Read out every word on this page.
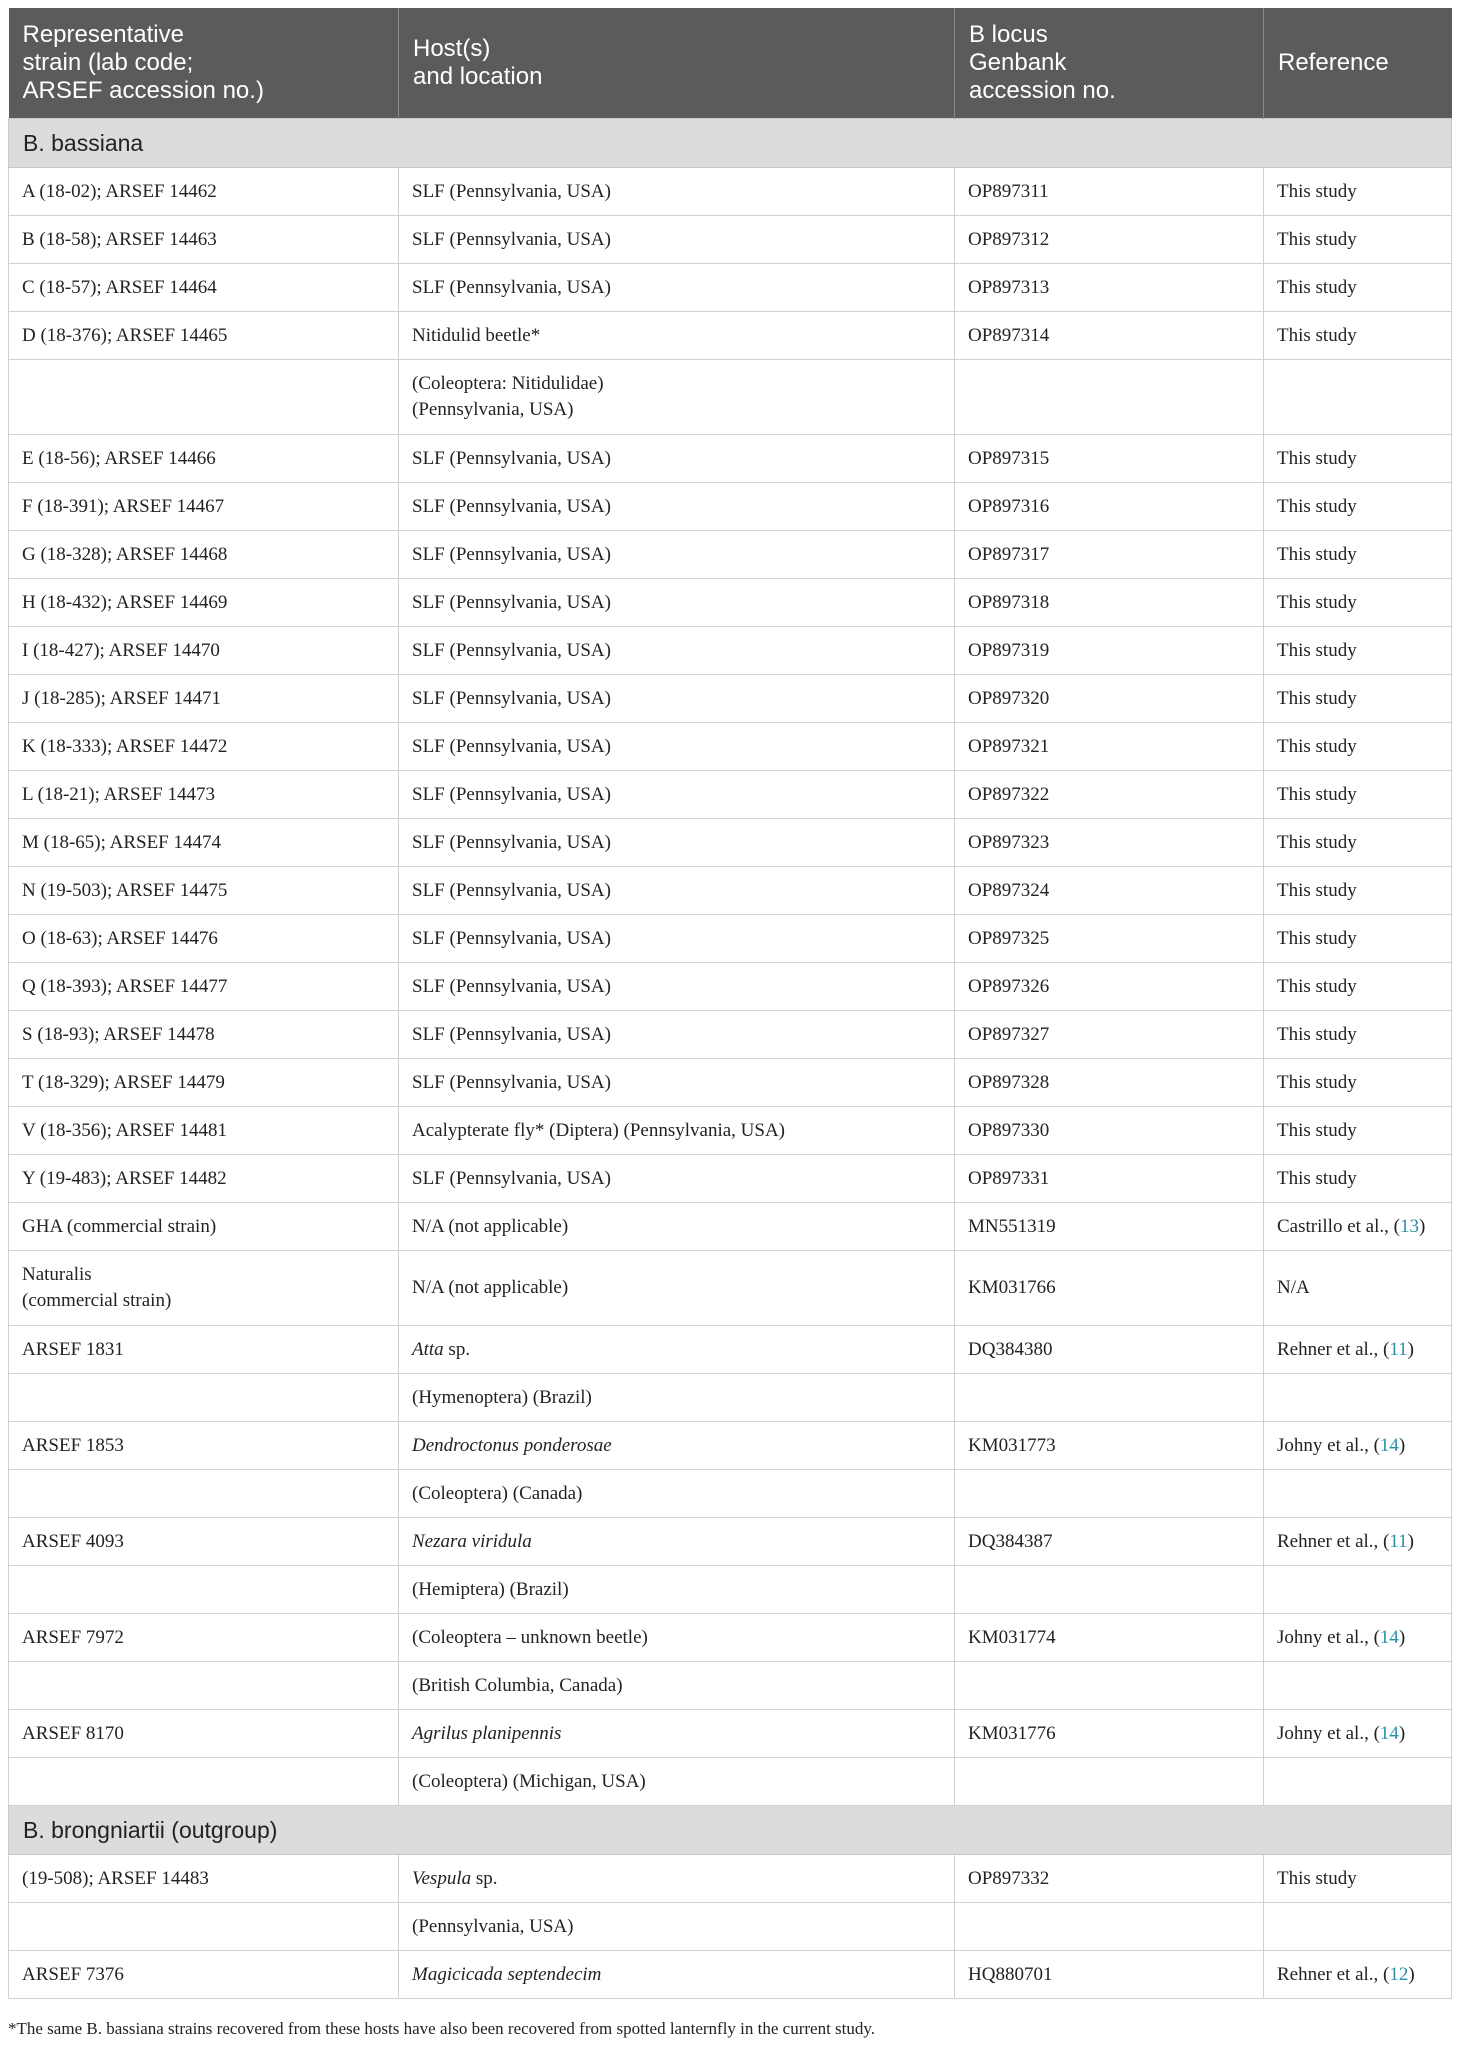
Representative
strain (lab code;
ARSEF accession no.)	Host(s)
and location	B locus
Genbank
accession no.	Reference
B. bassiana			
A (18-02); ARSEF 14462	SLF (Pennsylvania, USA)	OP897311	This study
B (18-58); ARSEF 14463	SLF (Pennsylvania, USA)	OP897312	This study
C (18-57); ARSEF 14464	SLF (Pennsylvania, USA)	OP897313	This study
D (18-376); ARSEF 14465	Nitidulid beetle*	OP897314	This study
	(Coleoptera: Nitidulidae)
(Pennsylvania, USA)		
E (18-56); ARSEF 14466	SLF (Pennsylvania, USA)	OP897315	This study
F (18-391); ARSEF 14467	SLF (Pennsylvania, USA)	OP897316	This study
G (18-328); ARSEF 14468	SLF (Pennsylvania, USA)	OP897317	This study
H (18-432); ARSEF 14469	SLF (Pennsylvania, USA)	OP897318	This study
I (18-427); ARSEF 14470	SLF (Pennsylvania, USA)	OP897319	This study
J (18-285); ARSEF 14471	SLF (Pennsylvania, USA)	OP897320	This study
K (18-333); ARSEF 14472	SLF (Pennsylvania, USA)	OP897321	This study
L (18-21); ARSEF 14473	SLF (Pennsylvania, USA)	OP897322	This study
M (18-65); ARSEF 14474	SLF (Pennsylvania, USA)	OP897323	This study
N (19-503); ARSEF 14475	SLF (Pennsylvania, USA)	OP897324	This study
O (18-63); ARSEF 14476	SLF (Pennsylvania, USA)	OP897325	This study
Q (18-393); ARSEF 14477	SLF (Pennsylvania, USA)	OP897326	This study
S (18-93); ARSEF 14478	SLF (Pennsylvania, USA)	OP897327	This study
T (18-329); ARSEF 14479	SLF (Pennsylvania, USA)	OP897328	This study
V (18-356); ARSEF 14481	Acalypterate fly* (Diptera) (Pennsylvania, USA)	OP897330	This study
Y (19-483); ARSEF 14482	SLF (Pennsylvania, USA)	OP897331	This study
GHA (commercial strain)	N/A (not applicable)	MN551319	Castrillo et al., (13)
Naturalis
(commercial strain)	N/A (not applicable)	KM031766	N/A
ARSEF 1831	Atta sp.	DQ384380	Rehner et al., (11)
	(Hymenoptera) (Brazil)		
ARSEF 1853	Dendroctonus ponderosae	KM031773	Johny et al., (14)
	(Coleoptera) (Canada)		
ARSEF 4093	Nezara viridula	DQ384387	Rehner et al., (11)
	(Hemiptera) (Brazil)		
ARSEF 7972	(Coleoptera – unknown beetle)	KM031774	Johny et al., (14)
	(British Columbia, Canada)		
ARSEF 8170	Agrilus planipennis	KM031776	Johny et al., (14)
	(Coleoptera) (Michigan, USA)		
B. brongniartii (outgroup)			
(19-508); ARSEF 14483	Vespula sp.	OP897332	This study
	(Pennsylvania, USA)		
ARSEF 7376	Magicicada septendecim	HQ880701	Rehner et al., (12)
*The same B. bassiana strains recovered from these hosts have also been recovered from spotted lanternfly in the current study.
